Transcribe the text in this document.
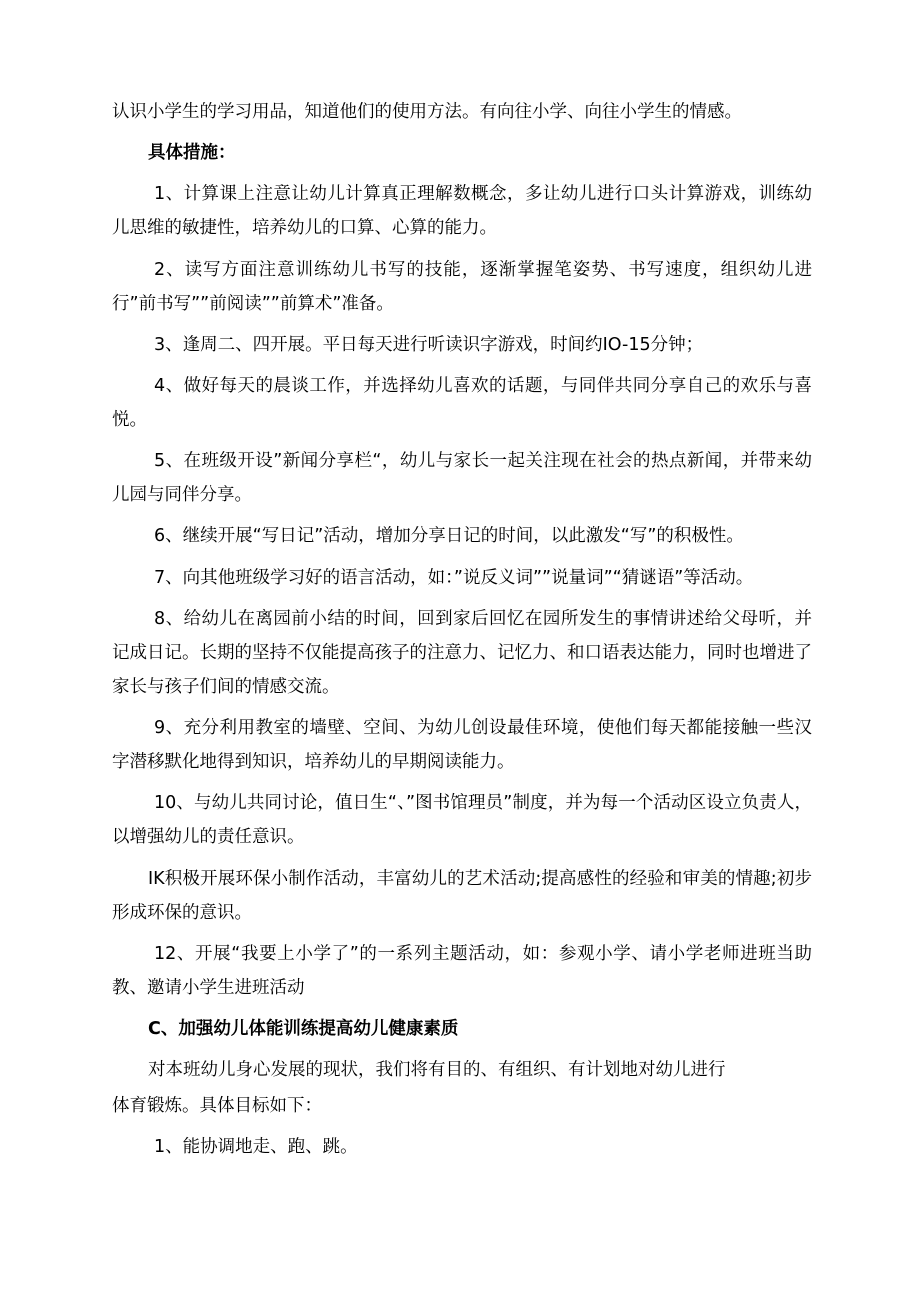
认识小学生的学习用品，知道他们的使用方法。有向往小学、向往小学生的情感。

具体措施：

1、计算课上注意让幼儿计算真正理解数概念，多让幼儿进行口头计算游戏，训练幼儿思维的敏捷性，培养幼儿的口算、心算的能力。

2、读写方面注意训练幼儿书写的技能，逐渐掌握笔姿势、书写速度，组织幼儿进行”前书写””前阅读””前算术”准备。

3、逢周二、四开展。平日每天进行听读识字游戏，时间约IO-15分钟；

4、做好每天的晨谈工作，并选择幼儿喜欢的话题，与同伴共同分享自己的欢乐与喜悦。

5、在班级开设”新闻分享栏“，幼儿与家长一起关注现在社会的热点新闻，并带来幼儿园与同伴分享。

6、继续开展“写日记”活动，增加分享日记的时间，以此激发“写”的积极性。

7、向其他班级学习好的语言活动，如：”说反义词””说量词”“猜谜语”等活动。

8、给幼儿在离园前小结的时间，回到家后回忆在园所发生的事情讲述给父母听，并记成日记。长期的坚持不仅能提高孩子的注意力、记忆力、和口语表达能力，同时也增进了家长与孩子们间的情感交流。

9、充分利用教室的墙壁、空间、为幼儿创设最佳环境，使他们每天都能接触一些汉字潜移默化地得到知识，培养幼儿的早期阅读能力。

10、与幼儿共同讨论，值日生“、”图书馆理员”制度，并为每一个活动区设立负责人，以增强幼儿的责任意识。

IK积极开展环保小制作活动，丰富幼儿的艺术活动;提高感性的经验和审美的情趣;初步形成环保的意识。

12、开展“我要上小学了”的一系列主题活动，如：参观小学、请小学老师进班当助教、邀请小学生进班活动

C、加强幼儿体能训练提高幼儿健康素质

对本班幼儿身心发展的现状，我们将有目的、有组织、有计划地对幼儿进行

体育锻炼。具体目标如下：

1、能协调地走、跑、跳。
